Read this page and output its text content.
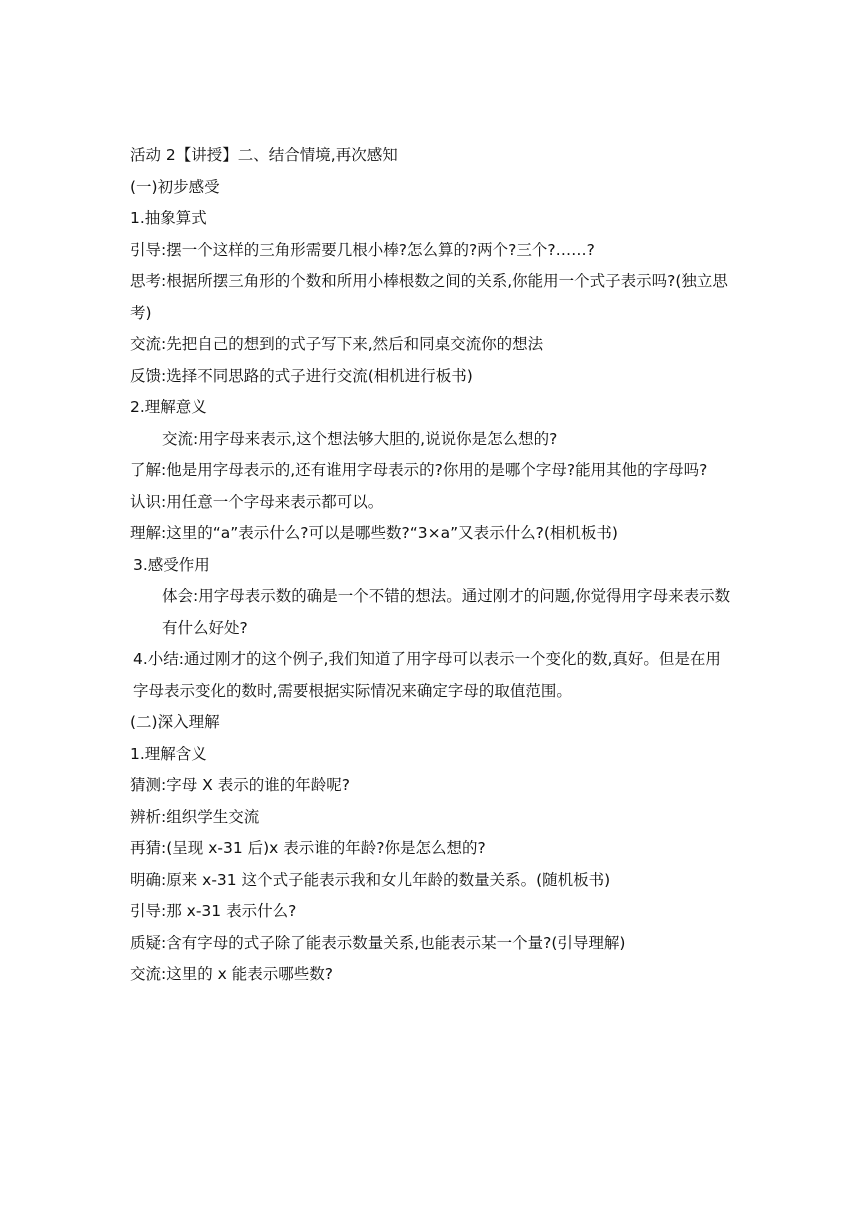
活动 2【讲授】二、结合情境,再次感知

(一)初步感受

1.抽象算式

引导:摆一个这样的三角形需要几根小棒?怎么算的?两个?三个?……?

思考:根据所摆三角形的个数和所用小棒根数之间的关系,你能用一个式子表示吗?(独立思考)

交流:先把自己的想到的式子写下来,然后和同桌交流你的想法

反馈:选择不同思路的式子进行交流(相机进行板书)

2.理解意义

交流:用字母来表示,这个想法够大胆的,说说你是怎么想的?

了解:他是用字母表示的,还有谁用字母表示的?你用的是哪个字母?能用其他的字母吗?

认识:用任意一个字母来表示都可以。

理解:这里的“a”表示什么?可以是哪些数?“3×a”又表示什么?(相机板书)

3.感受作用

体会:用字母表示数的确是一个不错的想法。通过刚才的问题,你觉得用字母来表示数有什么好处?

4.小结:通过刚才的这个例子,我们知道了用字母可以表示一个变化的数,真好。但是在用字母表示变化的数时,需要根据实际情况来确定字母的取值范围。

(二)深入理解

1.理解含义

猜测:字母 X 表示的谁的年龄呢?

辨析:组织学生交流

再猜:(呈现 x-31 后)x 表示谁的年龄?你是怎么想的?

明确:原来 x-31 这个式子能表示我和女儿年龄的数量关系。(随机板书)

引导:那 x-31 表示什么?

质疑:含有字母的式子除了能表示数量关系,也能表示某一个量?(引导理解)

交流:这里的 x 能表示哪些数?
